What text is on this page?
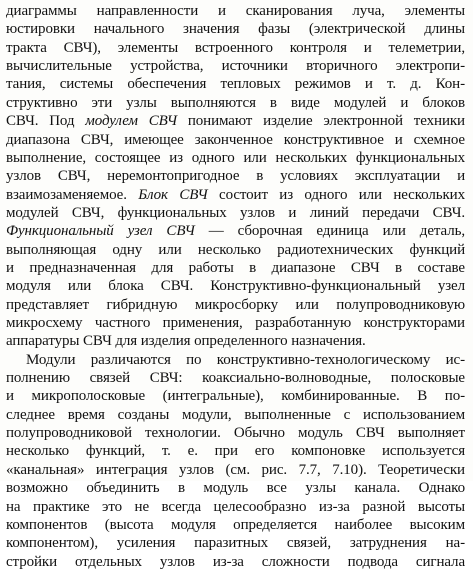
диаграммы направленности и сканирования луча, элементы
юстировки начального значения фазы (электрической длины
тракта СВЧ), элементы встроенного контроля и телеметрии,
вычислительные устройства, источники вторичного электропи-
тания, системы обеспечения тепловых режимов и т. д. Кон-
структивно эти узлы выполняются в виде модулей и блоков
СВЧ. Под модулем СВЧ понимают изделие электронной техники
диапазона СВЧ, имеющее законченное конструктивное и схемное
выполнение, состоящее из одного или нескольких функциональных
узлов СВЧ, неремонтопригодное в условиях эксплуатации и
взаимозаменяемое. Блок СВЧ состоит из одного или нескольких
модулей СВЧ, функциональных узлов и линий передачи СВЧ.
Функциональный узел СВЧ — сборочная единица или деталь,
выполняющая одну или несколько радиотехнических функций
и предназначенная для работы в диапазоне СВЧ в составе
модуля или блока СВЧ. Конструктивно-функциональный узел
представляет гибридную микросборку или полупроводниковую
микросхему частного применения, разработанную конструкторами
аппаратуры СВЧ для изделия определенного назначения.
Модули различаются по конструктивно-технологическому ис-
полнению связей СВЧ: коаксиально-волноводные, полосковые
и микрополосковые (интегральные), комбинированные. В по-
следнее время созданы модули, выполненные с использованием
полупроводниковой технологии. Обычно модуль СВЧ выполняет
несколько функций, т. е. при его компоновке используется
«канальная» интеграция узлов (см. рис. 7.7, 7.10). Теоретически
возможно объединить в модуль все узлы канала. Однако
на практике это не всегда целесообразно из-за разной высоты
компонентов (высота модуля определяется наиболее высоким
компонентом), усиления паразитных связей, затруднения на-
стройки отдельных узлов из-за сложности подвода сигнала
